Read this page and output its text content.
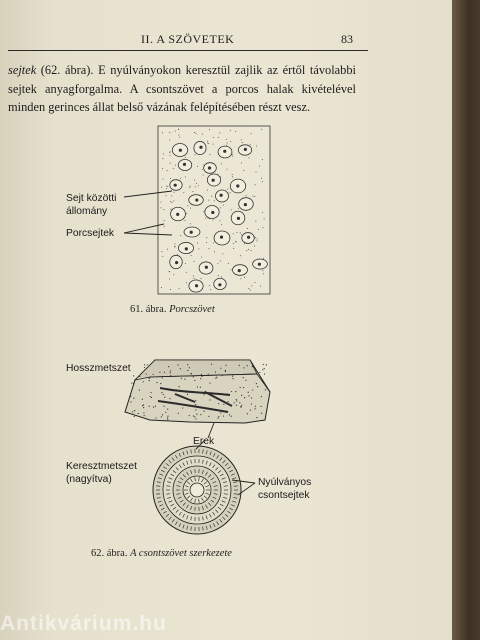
II. A SZÖVETEK	83
sejtek (62. ábra). E nyúlványokon keresztül zajlik az értől távolabbi sejtek anyagforgalma. A csontszövet a porcos halak kivételével minden gerinces állat belső vázának felépítésében részt vesz.
Sejt közötti állomány
Porcsejtek
61. ábra. Porcszövet
Hosszmetszet
Erek
Keresztmetszet (nagyítva)	Nyúlványos csontsejtek
62. ábra. A csontszövet szerkezete
Antikvárium.hu
